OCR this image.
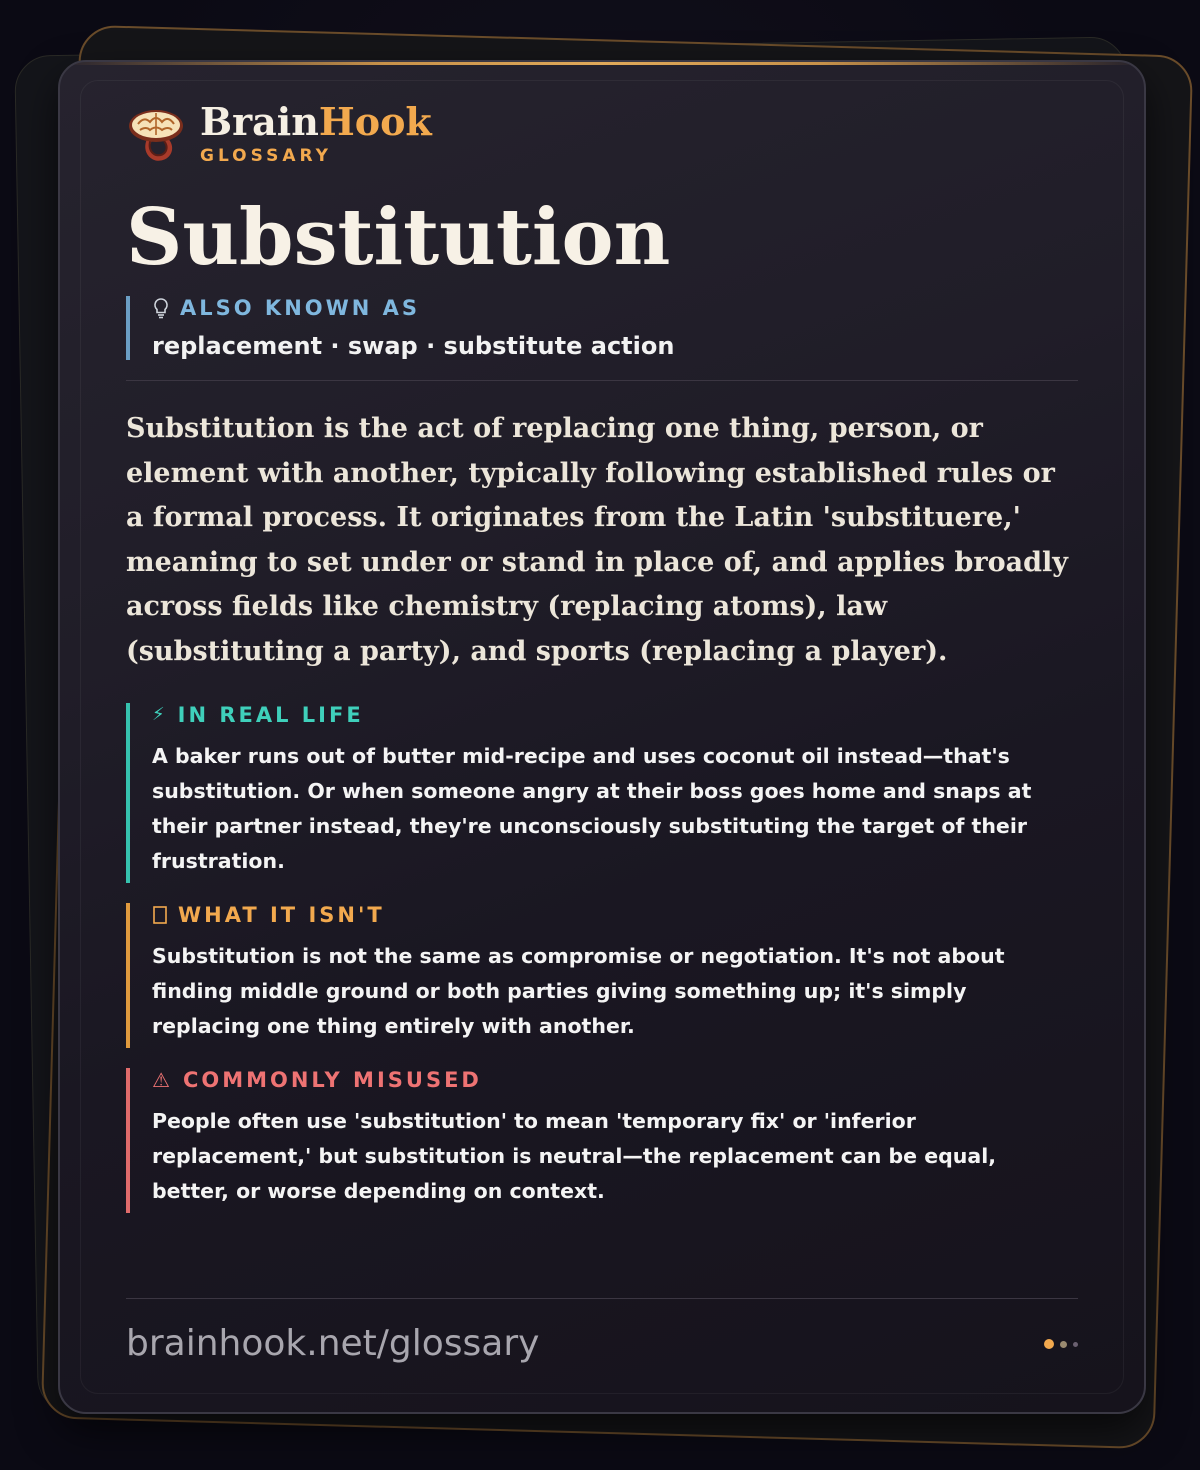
BrainHook
GLOSSARY
Substitution
ALSO KNOWN AS
replacement · swap · substitute action

Substitution is the act of replacing one thing, person, or element with another, typically following established rules or a formal process. It originates from the Latin 'substituere,' meaning to set under or stand in place of, and applies broadly across fields like chemistry (replacing atoms), law (substituting a party), and sports (replacing a player).

⚡ IN REAL LIFE
A baker runs out of butter mid-recipe and uses coconut oil instead—that's substitution. Or when someone angry at their boss goes home and snaps at their partner instead, they're unconsciously substituting the target of their frustration.
WHAT IT ISN'T
Substitution is not the same as compromise or negotiation. It's not about finding middle ground or both parties giving something up; it's simply replacing one thing entirely with another.
⚠ COMMONLY MISUSED
People often use 'substitution' to mean 'temporary fix' or 'inferior replacement,' but substitution is neutral—the replacement can be equal, better, or worse depending on context.
brainhook.net/glossary
